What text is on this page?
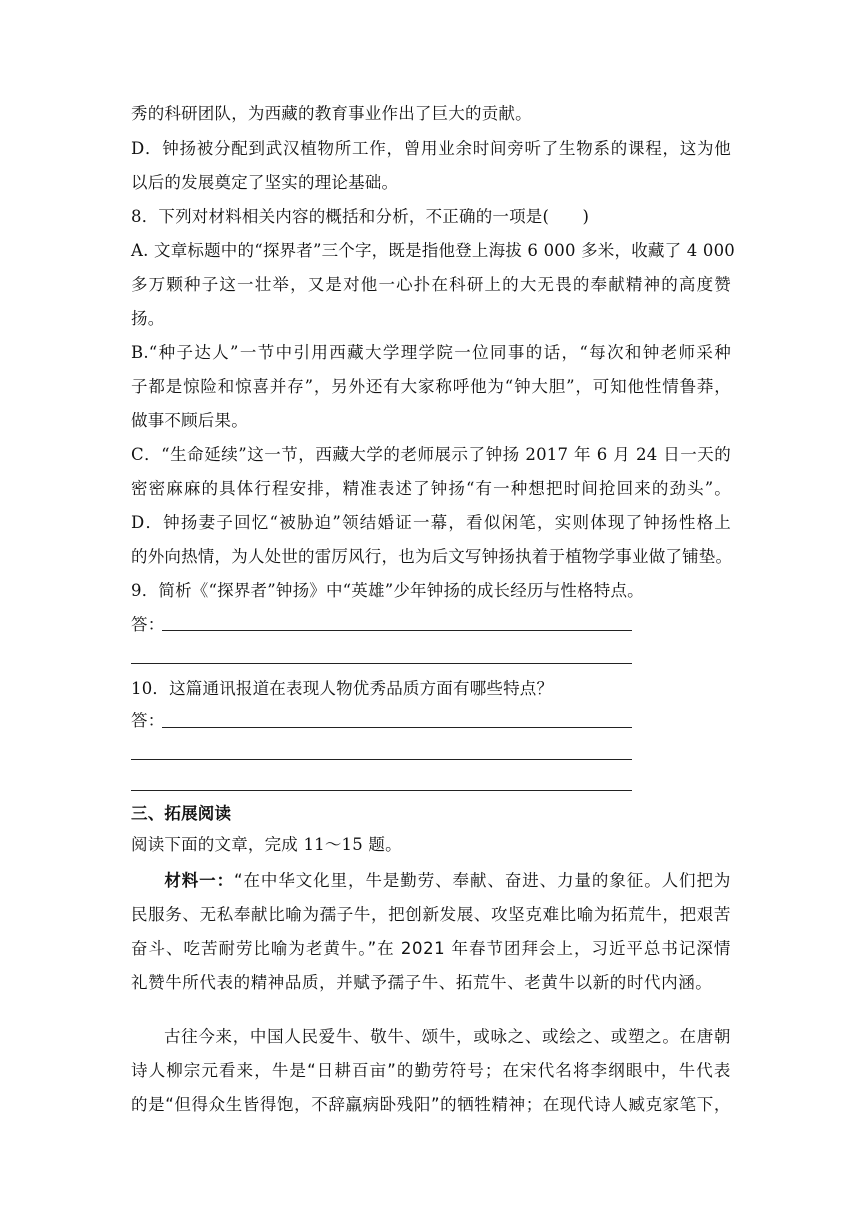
秀的科研团队，为西藏的教育事业作出了巨大的贡献。
D．钟扬被分配到武汉植物所工作，曾用业余时间旁听了生物系的课程，这为他
以后的发展奠定了坚实的理论基础。
8．下列对材料相关内容的概括和分析，不正确的一项是(　　)
A. 文章标题中的“探界者”三个字，既是指他登上海拔 6 000 多米，收藏了 4 000
多万颗种子这一壮举，又是对他一心扑在科研上的大无畏的奉献精神的高度赞
扬。
B.“种子达人”一节中引用西藏大学理学院一位同事的话，“每次和钟老师采种
子都是惊险和惊喜并存”，另外还有大家称呼他为“钟大胆”，可知他性情鲁莽，
做事不顾后果。
C．“生命延续”这一节，西藏大学的老师展示了钟扬 2017 年 6 月 24 日一天的
密密麻麻的具体行程安排，精准表述了钟扬“有一种想把时间抢回来的劲头”。
D．钟扬妻子回忆“被胁迫”领结婚证一幕，看似闲笔，实则体现了钟扬性格上
的外向热情，为人处世的雷厉风行，也为后文写钟扬执着于植物学事业做了铺垫。
9．简析《“探界者”钟扬》中“英雄”少年钟扬的成长经历与性格特点。
答：
10．这篇通讯报道在表现人物优秀品质方面有哪些特点？
答：
三、拓展阅读
阅读下面的文章，完成 11～15 题。
材料一：“在中华文化里，牛是勤劳、奉献、奋进、力量的象征。人们把为
民服务、无私奉献比喻为孺子牛，把创新发展、攻坚克难比喻为拓荒牛，把艰苦
奋斗、吃苦耐劳比喻为老黄牛。”在 2021 年春节团拜会上，习近平总书记深情
礼赞牛所代表的精神品质，并赋予孺子牛、拓荒牛、老黄牛以新的时代内涵。
古往今来，中国人民爱牛、敬牛、颂牛，或咏之、或绘之、或塑之。在唐朝
诗人柳宗元看来，牛是“日耕百亩”的勤劳符号；在宋代名将李纲眼中，牛代表
的是“但得众生皆得饱，不辞羸病卧残阳”的牺牲精神；在现代诗人臧克家笔下，
